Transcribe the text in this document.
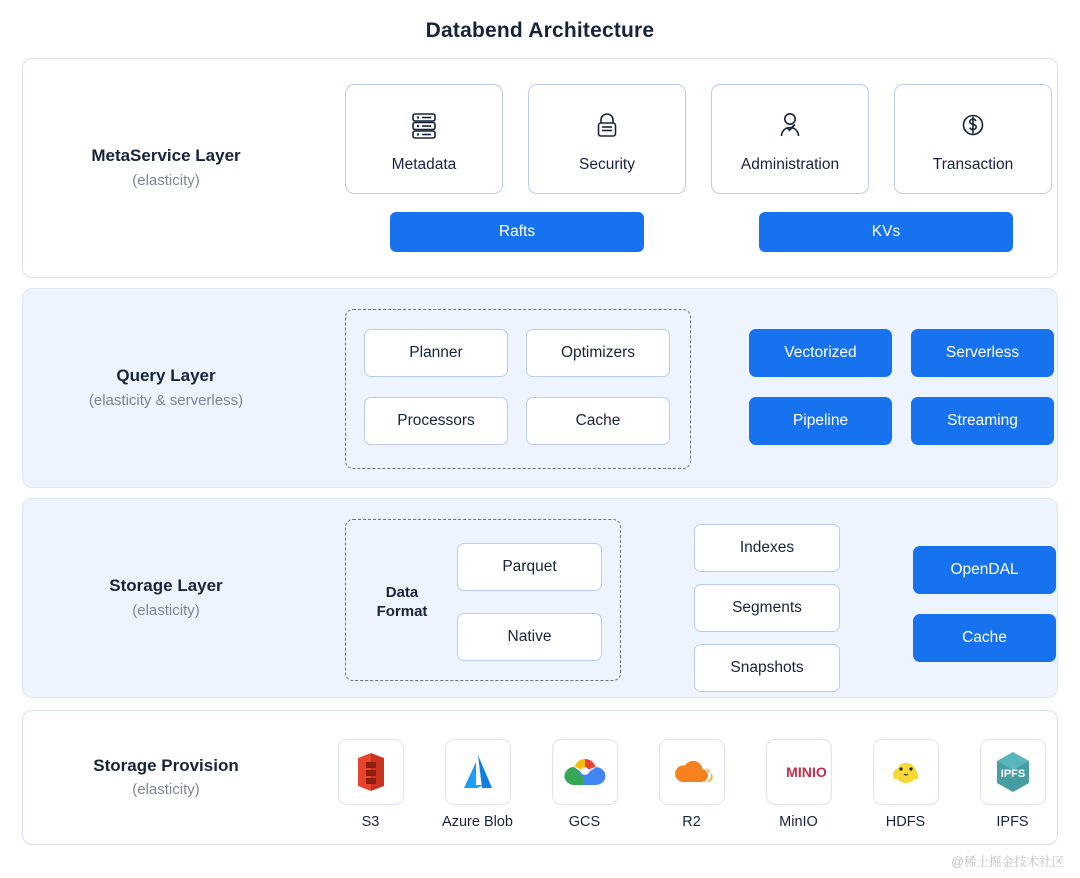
Databend Architecture
MetaService Layer
(elasticity)
Metadata	Security	Administration	Transaction
Rafts	KVs
Query Layer
(elasticity & serverless)
Planner	Optimizers
Processors	Cache
Vectorized	Serverless
Pipeline	Streaming
Storage Layer
(elasticity)
Data
Format
Parquet
Native
Indexes
Segments
Snapshots
OpenDAL
Cache
Storage Provision
(elasticity)
S3	Azure Blob	GCS	R2
MIN IO
MinIO	HDFS
IPFS
IPFS
@稀土掘金技术社区
